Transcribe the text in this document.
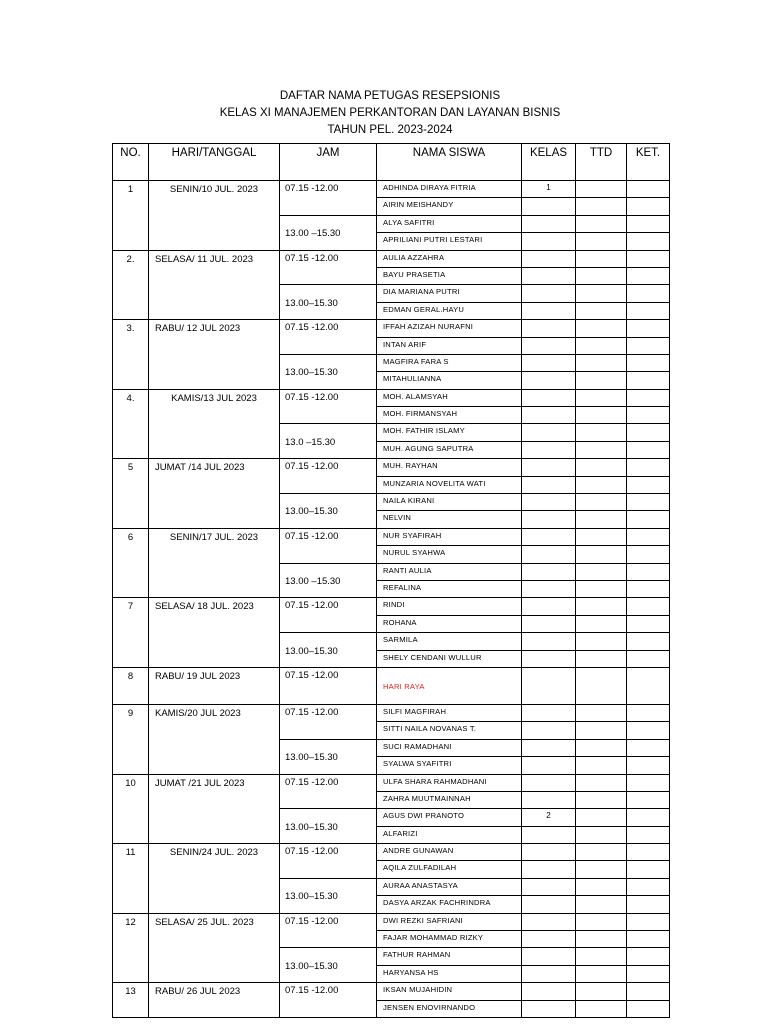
DAFTAR NAMA PETUGAS RESEPSIONIS
KELAS XI MANAJEMEN PERKANTORAN DAN LAYANAN BISNIS
TAHUN PEL. 2023-2024
NO.	HARI/TANGGAL	JAM	NAMA SISWA	KELAS	TTD	KET.
1	SENIN/10 JUL. 2023	07.15 -12.00	ADHINDA DIRAYA FITRIA	1		
			AIRIN MEISHANDY			
		13.00 –15.30	ALYA SAFITRI			
			APRILIANI PUTRI LESTARI			
2.	SELASA/ 11 JUL. 2023	07.15 -12.00	AULIA AZZAHRA			
			BAYU PRASETIA			
		13.00–15.30	DIA MARIANA PUTRI			
			EDMAN GERAL.HAYU			
3.	RABU/ 12 JUL 2023	07.15 -12.00	IFFAH AZIZAH NURAFNI			
			INTAN ARIF			
		13.00–15.30	MAGFIRA FARA S			
			MITAHULIANNA			
4.	KAMIS/13 JUL 2023	07.15 -12.00	MOH. ALAMSYAH			
			MOH. FIRMANSYAH			
		13.0 –15.30	MOH. FATHIR ISLAMY			
			MUH. AGUNG SAPUTRA			
5	JUMAT /14 JUL 2023	07.15 -12.00	MUH. RAYHAN			
			MUNZARIA NOVELITA WATI			
		13.00–15.30	NAILA KIRANI			
			NELVIN			
6	SENIN/17 JUL. 2023	07.15 -12.00	NUR SYAFIRAH			
			NURUL SYAHWA			
		13.00 –15.30	RANTI AULIA			
			REFALINA			
7	SELASA/ 18 JUL. 2023	07.15 -12.00	RINDI			
			ROHANA			
		13.00–15.30	SARMILA			
			SHELY CENDANI WULLUR			
8	RABU/ 19 JUL 2023	07.15 -12.00	HARI RAYA			
9	KAMIS/20 JUL 2023	07.15 -12.00	SILFI MAGFIRAH			
			SITTI NAILA NOVANAS T.			
		13.00–15.30	SUCI RAMADHANI			
			SYALWA SYAFITRI			
10	JUMAT /21 JUL 2023	07.15 -12.00	ULFA SHARA RAHMADHANI			
			ZAHRA MUUTMAINNAH			
		13.00–15.30	AGUS DWI PRANOTO	2		
			ALFARIZI			
11	SENIN/24 JUL. 2023	07.15 -12.00	ANDRE GUNAWAN			
			AQILA ZULFADILAH			
		13.00–15.30	AURAA ANASTASYA			
			DASYA ARZAK FACHRINDRA			
12	SELASA/ 25 JUL. 2023	07.15 -12.00	DWI REZKI SAFRIANI			
			FAJAR MOHAMMAD RIZKY			
		13.00–15.30	FATHUR RAHMAN			
			HARYANSA HS			
13	RABU/ 26 JUL 2023	07.15 -12.00	IKSAN MUJAHIDIN			
			JENSEN ENOVIRNANDO			
